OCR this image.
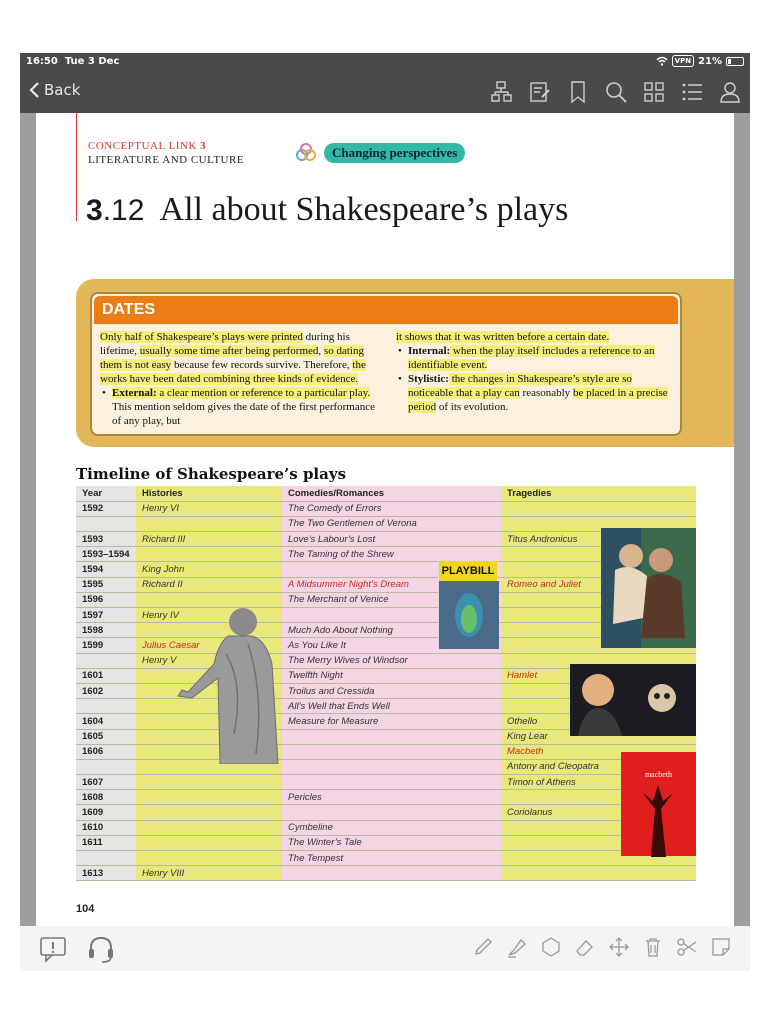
16:50 Tue 3 Dec	VPN 21%
Back
CONCEPTUAL LINK 3
LITERATURE AND CULTURE	Changing perspectives
3.12 All about Shakespeare’s plays
DATES
Only half of Shakespeare’s plays were printed during his lifetime, usually some time after being performed, so dating them is not easy because few records survive. Therefore, the works have been dated combining three kinds of evidence.
• External: a clear mention or reference to a particular play. This mention seldom gives the date of the first performance of any play, but
it shows that it was written before a certain date.
• Internal: when the play itself includes a reference to an identifiable event.
• Stylistic: the changes in Shakespeare’s style are so noticeable that a play can reasonably be placed in a precise period of its evolution.
Timeline of Shakespeare’s plays
Year	Histories	Comedies/Romances	Tragedies
1592	Henry VI	The Comedy of Errors	
		The Two Gentlemen of Verona	
1593	Richard III	Love’s Labour’s Lost	Titus Andronicus
1593–1594		The Taming of the Shrew	
1594	King John		
1595	Richard II	A Midsummer Night’s Dream	Romeo and Juliet
1596		The Merchant of Venice	
1597	Henry IV		
1598		Much Ado About Nothing	
1599	Julius Caesar	As You Like It	
	Henry V	The Merry Wives of Windsor	
1601		Twelfth Night	Hamlet
1602		Troilus and Cressida	
		All’s Well that Ends Well	
1604		Measure for Measure	Othello
1605			King Lear
1606			Macbeth
			Antony and Cleopatra
1607			Timon of Athens
1608		Pericles	
1609			Coriolanus
1610		Cymbeline	
1611		The Winter’s Tale	
		The Tempest	
1613	Henry VIII		
PLAYBILL
macbeth
104
